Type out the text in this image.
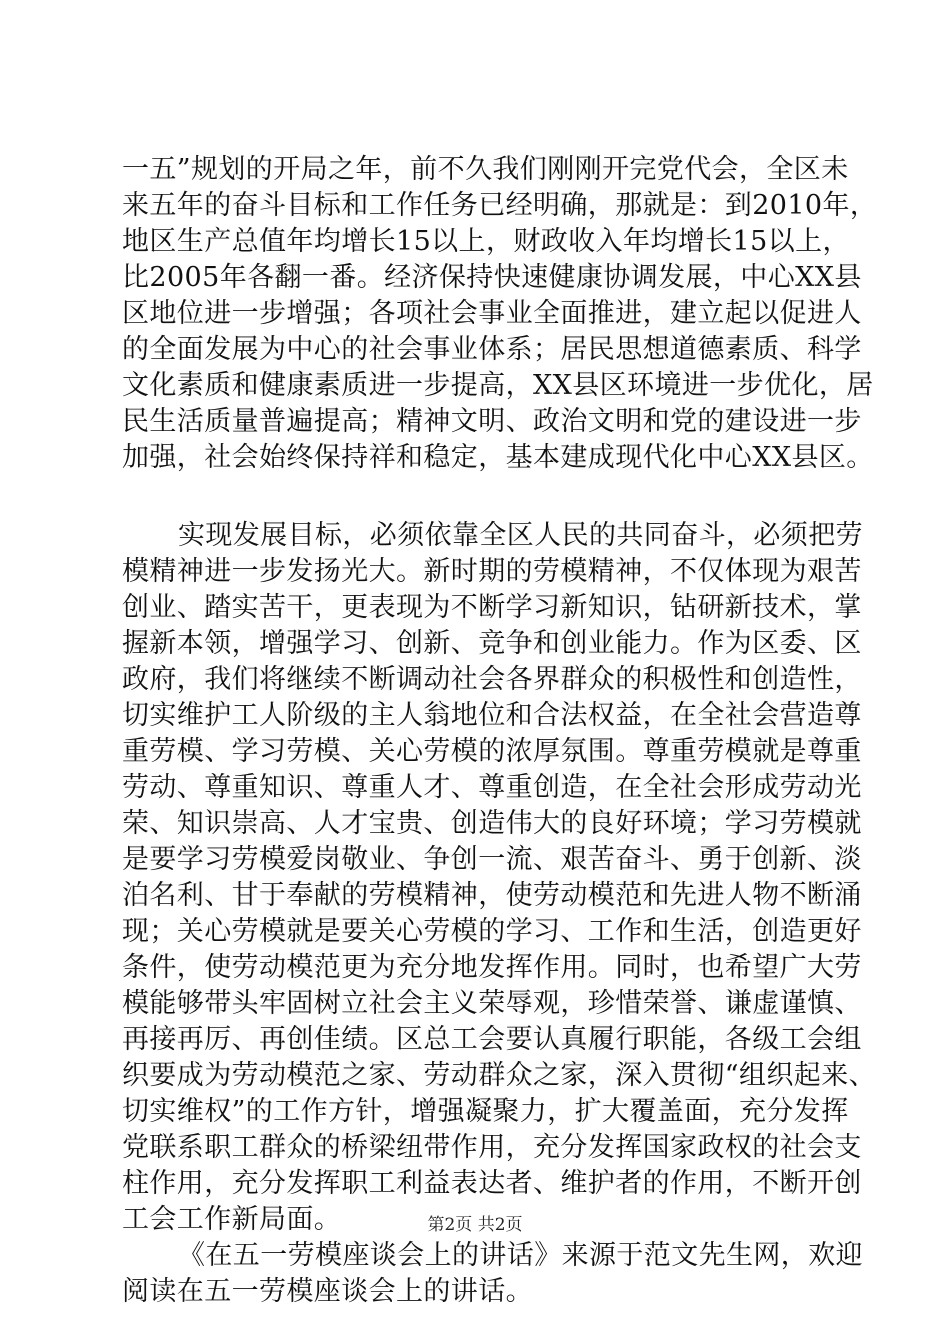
一五”规划的开局之年，前不久我们刚刚开完党代会，全区未
来五年的奋斗目标和工作任务已经明确，那就是：到2010年，
地区生产总值年均增长15以上，财政收入年均增长15以上，
比2005年各翻一番。经济保持快速健康协调发展，中心XX县
区地位进一步增强；各项社会事业全面推进，建立起以促进人
的全面发展为中心的社会事业体系；居民思想道德素质、科学
文化素质和健康素质进一步提高，XX县区环境进一步优化，居
民生活质量普遍提高；精神文明、政治文明和党的建设进一步
加强，社会始终保持祥和稳定，基本建成现代化中心XX县区。
实现发展目标，必须依靠全区人民的共同奋斗，必须把劳
模精神进一步发扬光大。新时期的劳模精神，不仅体现为艰苦
创业、踏实苦干，更表现为不断学习新知识，钻研新技术，掌
握新本领，增强学习、创新、竞争和创业能力。作为区委、区
政府，我们将继续不断调动社会各界群众的积极性和创造性，
切实维护工人阶级的主人翁地位和合法权益，在全社会营造尊
重劳模、学习劳模、关心劳模的浓厚氛围。尊重劳模就是尊重
劳动、尊重知识、尊重人才、尊重创造，在全社会形成劳动光
荣、知识崇高、人才宝贵、创造伟大的良好环境；学习劳模就
是要学习劳模爱岗敬业、争创一流、艰苦奋斗、勇于创新、淡
泊名利、甘于奉献的劳模精神，使劳动模范和先进人物不断涌
现；关心劳模就是要关心劳模的学习、工作和生活，创造更好
条件，使劳动模范更为充分地发挥作用。同时，也希望广大劳
模能够带头牢固树立社会主义荣辱观，珍惜荣誉、谦虚谨慎、
再接再厉、再创佳绩。区总工会要认真履行职能，各级工会组
织要成为劳动模范之家、劳动群众之家，深入贯彻“组织起来、
切实维权”的工作方针，增强凝聚力，扩大覆盖面，充分发挥
党联系职工群众的桥梁纽带作用，充分发挥国家政权的社会支
柱作用，充分发挥职工利益表达者、维护者的作用，不断开创
工会工作新局面。
《在五一劳模座谈会上的讲话》来源于范文先生网，欢迎
阅读在五一劳模座谈会上的讲话。
第2页 共2页
